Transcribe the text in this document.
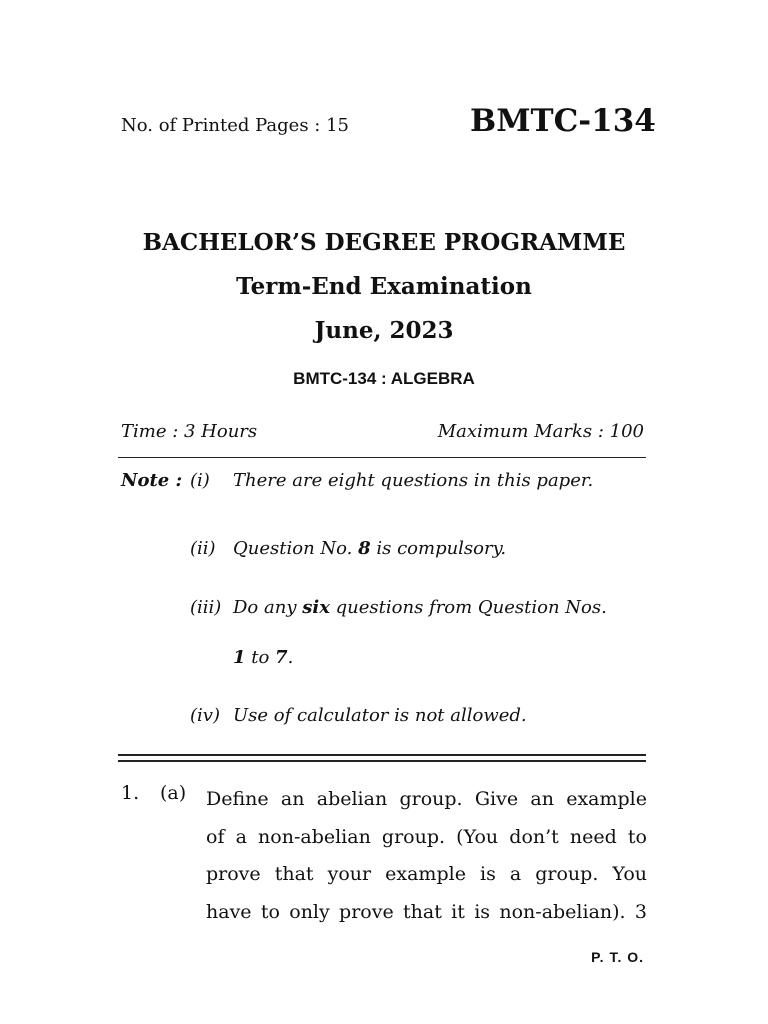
No. of Printed Pages : 15	BMTC-134
BACHELOR’S DEGREE PROGRAMME
Term-End Examination
June, 2023
BMTC-134 : ALGEBRA
Time : 3 Hours	Maximum Marks : 100
Note : (i) There are eight questions in this paper.
(ii) Question No. 8 is compulsory.
(iii) Do any six questions from Question Nos.
1 to 7.
(iv) Use of calculator is not allowed.
1. (a) Define an abelian group. Give an example
of a non-abelian group. (You don’t need to
prove that your example is a group. You
have to only prove that it is non-abelian). 3
P. T. O.
